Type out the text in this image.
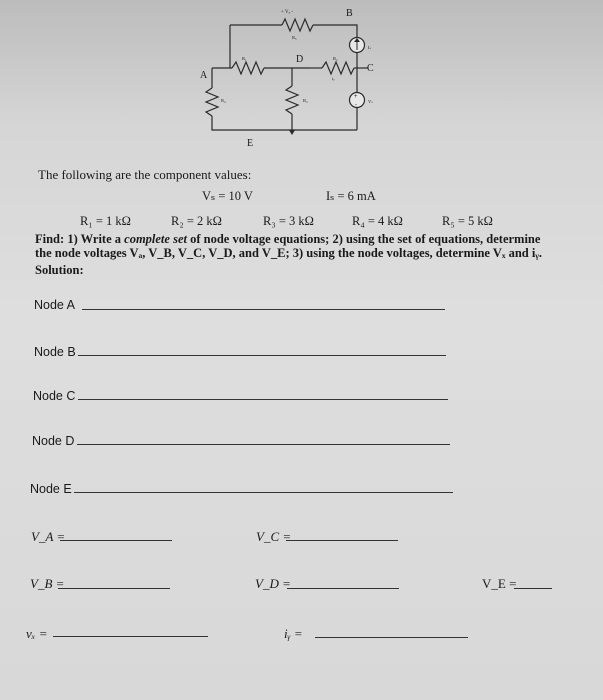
+
-
B
D
A
C
E
+ Vₓ -
R₅
R₁	R₂
Iₛ
R₄	R₃
iᵧ
Vₛ
The following are the component values:
Vₛ = 10 V	Iₛ = 6 mA
R₁ = 1 kΩ	R₂ = 2 kΩ	R₃ = 3 kΩ	R₄ = 4 kΩ	R₅ = 5 kΩ
Find: 1) Write a complete set of node voltage equations; 2) using the set of equations, determine the node voltages Vₐ, V_B, V_C, V_D, and V_E; 3) using the node voltages, determine Vₓ and iᵧ.
Solution:
Node A
Node B
Node C
Node D
Node E
V_A =	V_C =
V_B =	V_D =	V_E =
vₓ =	iᵧ =
